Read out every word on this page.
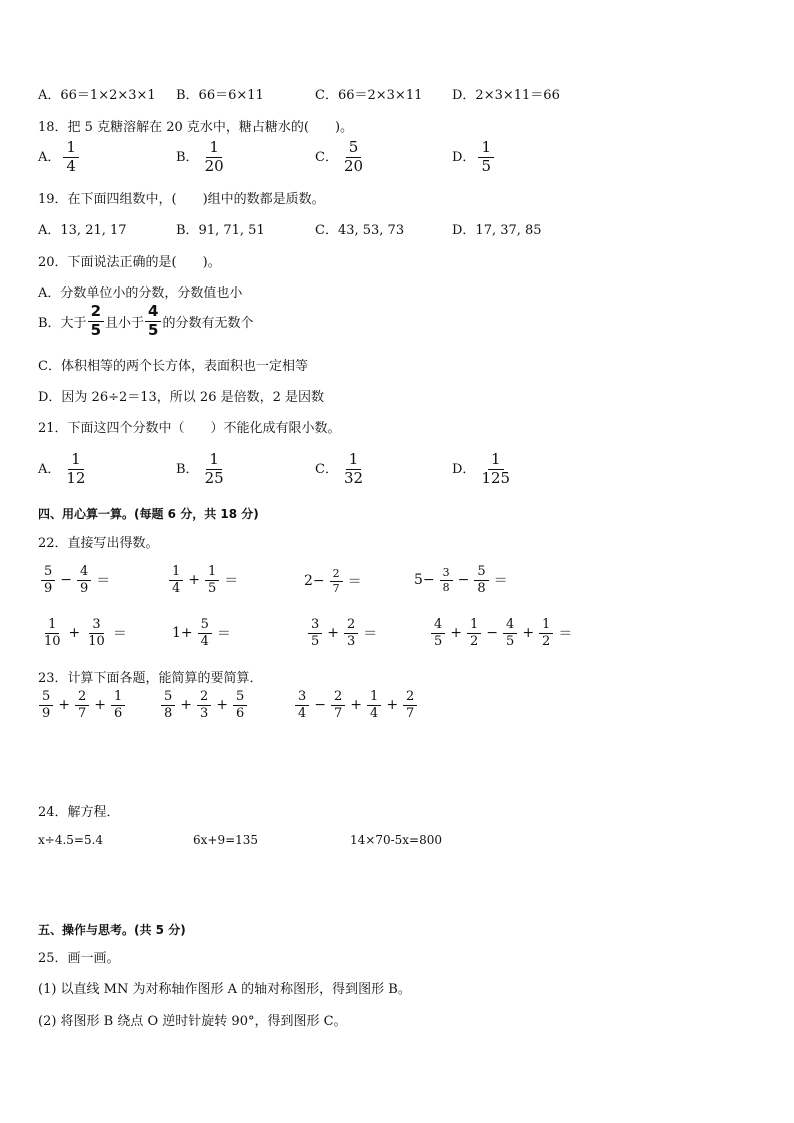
A．66＝1×2×3×1 B．66＝6×11	C．66＝2×3×11 D．2×3×11＝66
18．把 5 克糖溶解在 20 克水中，糖占糖水的(　　)。
A． $\frac{1}{4}$	B． $\frac{1}{20}$	C． $\frac{5}{20}$	D． $\frac{1}{5}$
19．在下面四组数中，(　　)组中的数都是质数。
A．13, 21, 17	B．91, 71, 51	C．43, 53, 73	D．17, 37, 85
20．下面说法正确的是(　　)。
A．分数单位小的分数，分数值也小
B．大于 $\frac{2}{5}$ 且小于 $\frac{4}{5}$ 的分数有无数个
C．体积相等的两个长方体，表面积也一定相等
D．因为 26÷2＝13，所以 26 是倍数，2 是因数
21．下面这四个分数中（　　）不能化成有限小数。
A． $\frac{1}{12}$	B． $\frac{1}{25}$	C． $\frac{1}{32}$	D． $\frac{1}{125}$
四、用心算一算。(每题 6 分，共 18 分)
22．直接写出得数。
$\frac{5}{9} - \frac{4}{9}$ ＝	$\frac{1}{4} + \frac{1}{5}$ ＝	$2- \frac{2}{7}$ ＝	$5- \frac{3}{8} - \frac{5}{8}$ ＝
$\frac{1}{10} + \frac{3}{10}$ ＝	$1+ \frac{5}{4}$ ＝	$\frac{3}{5} + \frac{2}{3}$ ＝	$\frac{4}{5} + \frac{1}{2} - \frac{4}{5} + \frac{1}{2}$ ＝
23．计算下面各题，能简算的要简算．
$\frac{5}{9} + \frac{2}{7} + \frac{1}{6}$	$\frac{5}{8} + \frac{2}{3} + \frac{5}{6}$	$\frac{3}{4} - \frac{2}{7} + \frac{1}{4} + \frac{2}{7}$
24．解方程．
x÷4.5=5.4	6x+9=135	14×70-5x=800
五、操作与思考。(共 5 分)
25．画一画。
(1) 以直线 MN 为对称轴作图形 A 的轴对称图形，得到图形 B。
(2) 将图形 B 绕点 O 逆时针旋转 90°，得到图形 C。
